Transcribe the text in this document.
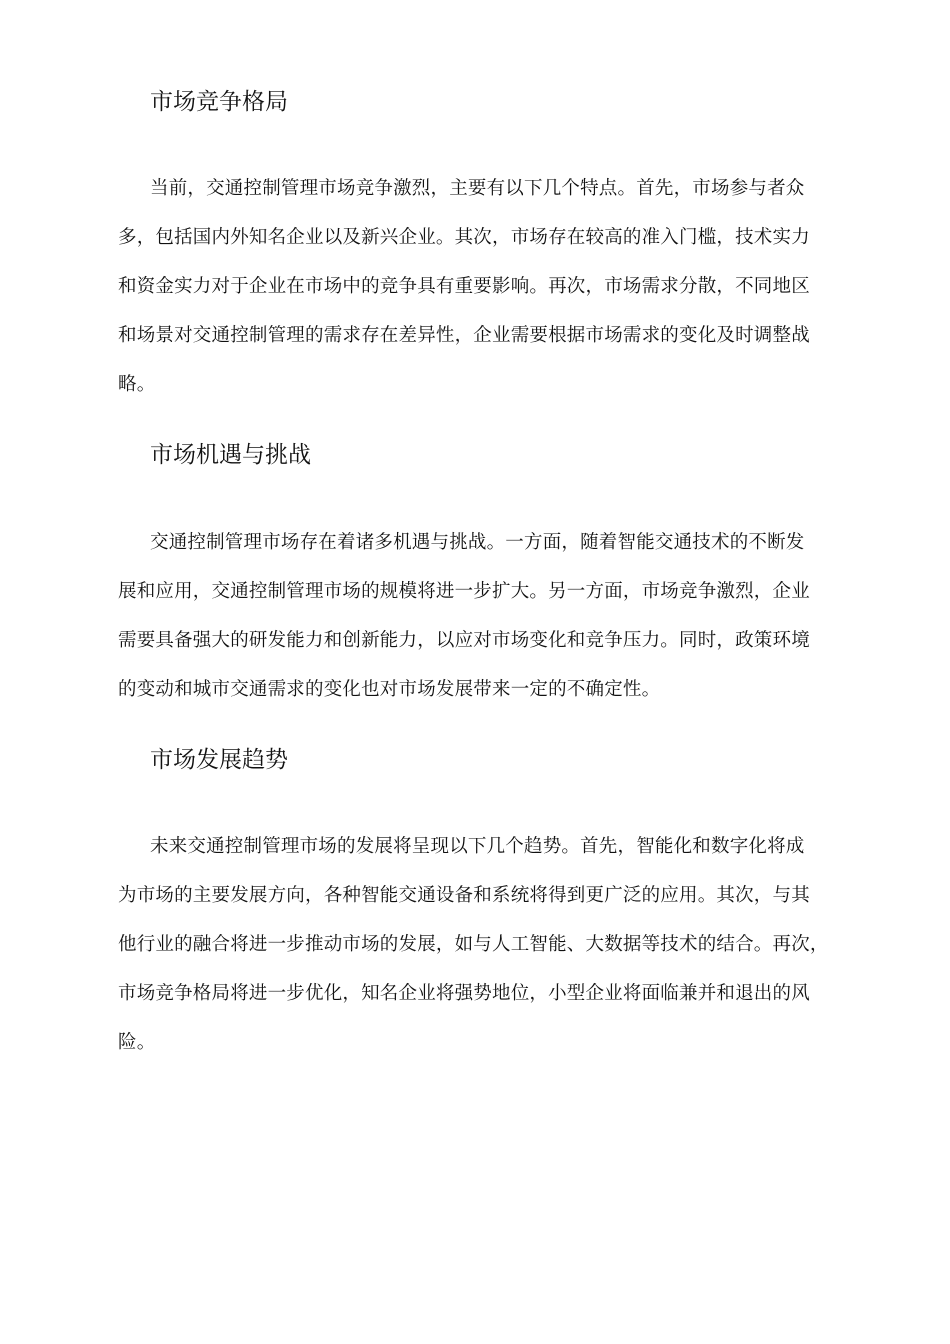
市场竞争格局
当前，交通控制管理市场竞争激烈，主要有以下几个特点。首先，市场参与者众
多，包括国内外知名企业以及新兴企业。其次，市场存在较高的准入门槛，技术实力
和资金实力对于企业在市场中的竞争具有重要影响。再次，市场需求分散，不同地区
和场景对交通控制管理的需求存在差异性，企业需要根据市场需求的变化及时调整战
略。
市场机遇与挑战
交通控制管理市场存在着诸多机遇与挑战。一方面，随着智能交通技术的不断发
展和应用，交通控制管理市场的规模将进一步扩大。另一方面，市场竞争激烈，企业
需要具备强大的研发能力和创新能力，以应对市场变化和竞争压力。同时，政策环境
的变动和城市交通需求的变化也对市场发展带来一定的不确定性。
市场发展趋势
未来交通控制管理市场的发展将呈现以下几个趋势。首先，智能化和数字化将成
为市场的主要发展方向，各种智能交通设备和系统将得到更广泛的应用。其次，与其
他行业的融合将进一步推动市场的发展，如与人工智能、大数据等技术的结合。再次，
市场竞争格局将进一步优化，知名企业将强势地位，小型企业将面临兼并和退出的风
险。
